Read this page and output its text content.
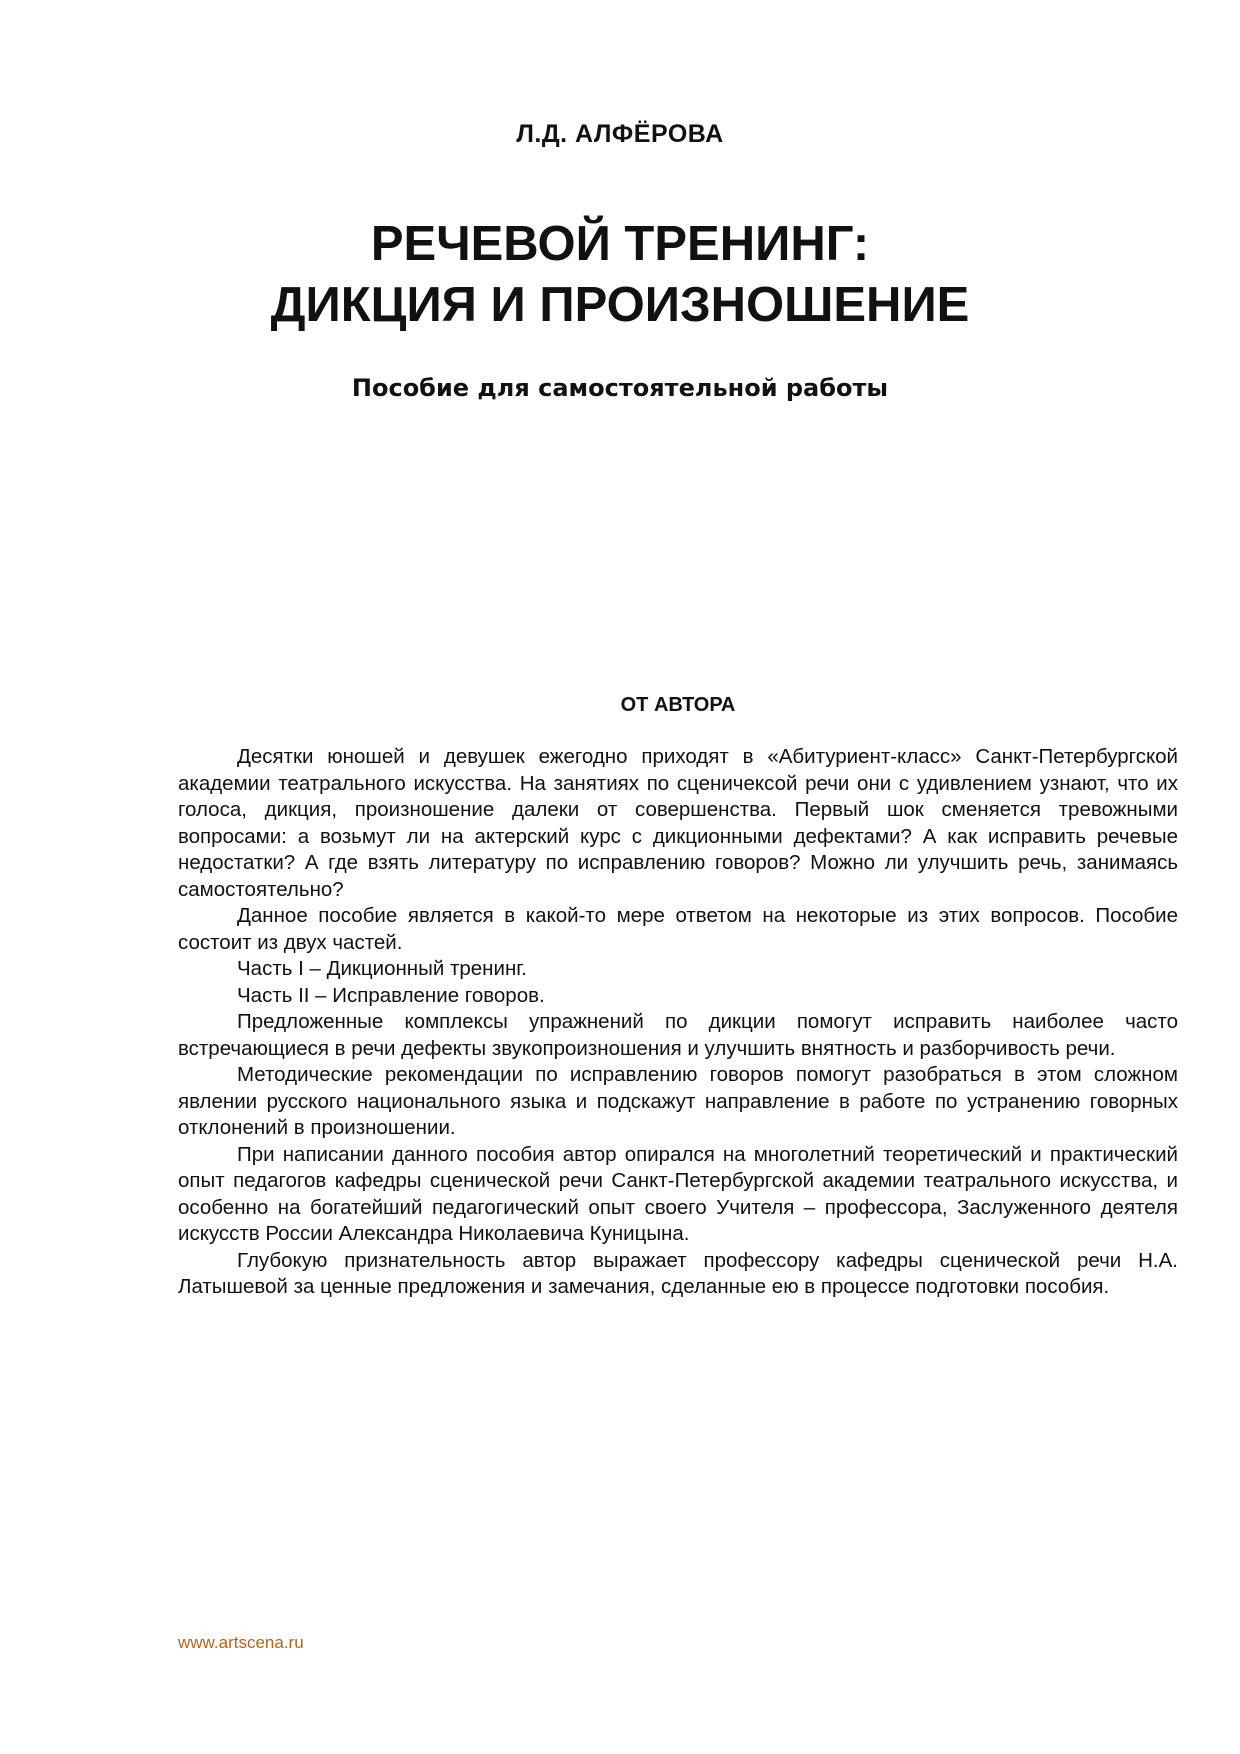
Л.Д. АЛФЁРОВА
РЕЧЕВОЙ ТРЕНИНГ:
ДИКЦИЯ И ПРОИЗНОШЕНИЕ
Пособие для самостоятельной работы
ОТ АВТОРА

Десятки юношей и девушек ежегодно приходят в «Абитуриент-класс» Санкт-Петербургской академии театрального искусства. На занятиях по сценичексой речи они с удивлением узнают, что их голоса, дикция, произношение далеки от совершенства. Первый шок сменяется тревожными вопросами: а возьмут ли на актерский курс с дикционными дефектами? А как исправить речевые недостатки? А где взять литературу по исправлению говоров? Можно ли улучшить речь, занимаясь самостоятельно?

Данное пособие является в какой-то мере ответом на некоторые из этих вопросов. Пособие состоит из двух частей.

Часть I – Дикционный тренинг.

Часть II – Исправление говоров.

Предложенные комплексы упражнений по дикции помогут исправить наиболее часто встречающиеся в речи дефекты звукопроизношения и улучшить внятность и разборчивость речи.

Методические рекомендации по исправлению говоров помогут разобраться в этом сложном явлении русского национального языка и подскажут направление в работе по устранению говорных отклонений в произношении.

При написании данного пособия автор опирался на многолетний теоретический и практический опыт педагогов кафедры сценической речи Санкт-Петербургской академии театрального искусства, и особенно на богатейший педагогический опыт своего Учителя – профессора, Заслуженного деятеля искусств России Александра Николаевича Куницына.

Глубокую признательность автор выражает профессору кафедры сценической речи Н.А. Латышевой за ценные предложения и замечания, сделанные ею в процессе подготовки пособия.

www.artscena.ru
